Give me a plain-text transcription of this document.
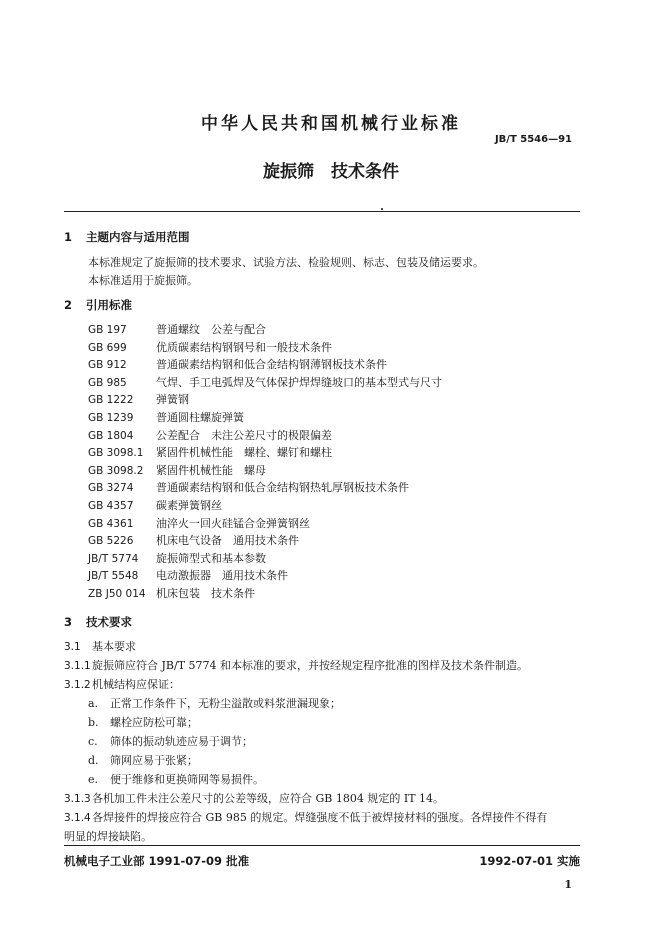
中华人民共和国机械行业标准
JB/T 5546—91
旋振筛　技术条件
1 主题内容与适用范围
本标准规定了旋振筛的技术要求、试验方法、检验规则、标志、包装及储运要求。
本标准适用于旋振筛。
2 引用标准
GB 197	普通螺纹　公差与配合
GB 699	优质碳素结构钢钢号和一般技术条件
GB 912	普通碳素结构钢和低合金结构钢薄钢板技术条件
GB 985	气焊、手工电弧焊及气体保护焊焊缝坡口的基本型式与尺寸
GB 1222 弹簧钢
GB 1239 普通圆柱螺旋弹簧
GB 1804 公差配合　未注公差尺寸的极限偏差
GB 3098.1 紧固件机械性能　螺栓、螺钉和螺柱
GB 3098.2 紧固件机械性能　螺母
GB 3274 普通碳素结构钢和低合金结构钢热轧厚钢板技术条件
GB 4357 碳素弹簧钢丝
GB 4361 油淬火一回火硅锰合金弹簧钢丝
GB 5226 机床电气设备　通用技术条件
JB/T 5774 旋振筛型式和基本参数
JB/T 5548 电动激振器　通用技术条件
ZB J50 014 机床包装　技术条件
3 技术要求
3.1 基本要求
3.1.1旋振筛应符合 JB/T 5774 和本标准的要求，并按经规定程序批准的图样及技术条件制造。
3.1.2机械结构应保证：
a. 正常工作条件下，无粉尘溢散或料浆泄漏现象；
b. 螺栓应防松可靠；
c. 筛体的振动轨迹应易于调节；
d. 筛网应易于张紧；
e. 便于维修和更换筛网等易损件。
3.1.3各机加工件未注公差尺寸的公差等级，应符合 GB 1804 规定的 IT 14。
3.1.4各焊接件的焊接应符合 GB 985 的规定。焊缝强度不低于被焊接材料的强度。各焊接件不得有
明显的焊接缺陷。
机械电子工业部 1991-07-09 批准	1992-07-01 实施
1
